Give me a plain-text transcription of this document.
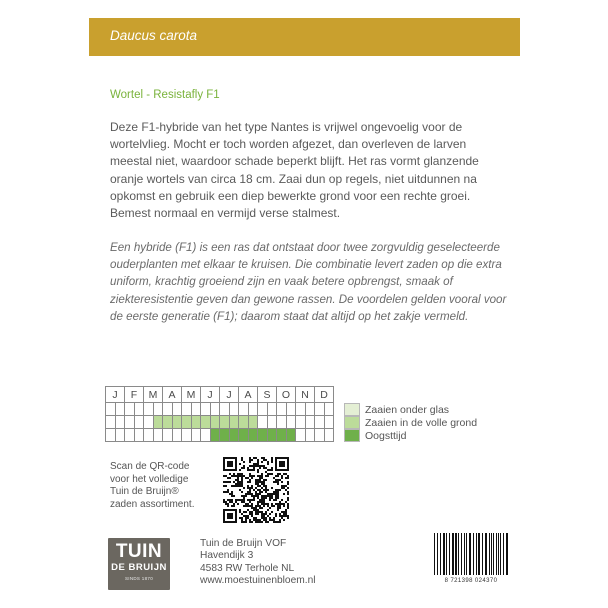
Daucus carota
Wortel - Resistafly F1

Deze F1-hybride van het type Nantes is vrijwel ongevoelig voor de wortelvlieg. Mocht er toch worden afgezet, dan overleven de larven meestal niet, waardoor schade beperkt blijft. Het ras vormt glanzende oranje wortels van circa 18 cm. Zaai dun op regels, niet uitdunnen na opkomst en gebruik een diep bewerkte grond voor een rechte groei. Bemest normaal en vermijd verse stalmest.

Een hybride (F1) is een ras dat ontstaat door twee zorgvuldig geselecteerde ouderplanten met elkaar te kruisen. Die combinatie levert zaden op die extra uniform, krachtig groeiend zijn en vaak betere opbrengst, smaak of ziekteresistentie geven dan gewone rassen. De voordelen gelden vooral voor de eerste generatie (F1); daarom staat dat altijd op het zakje vermeld.

J		F		M		A		M		J		J		A		S		O		N		D	

Zaaien onder glas
Zaaien in de volle grond
Oogsttijd
Scan de QR-code
voor het volledige
Tuin de Bruijn®
zaden assortiment.
TUIN
DE BRUIJN
SINDS 1870
Tuin de Bruijn VOF
Havendijk 3
4583 RW Terhole NL
www.moestuinenbloem.nl	8 721398 024370
